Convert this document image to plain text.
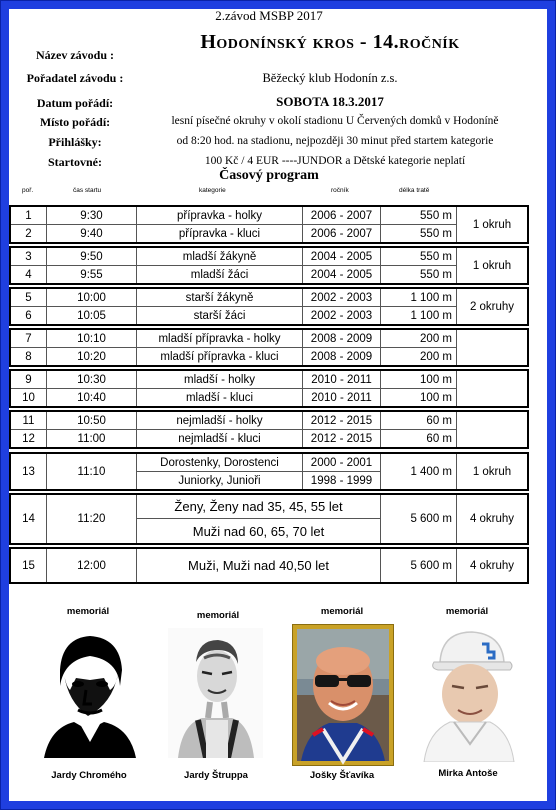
2.závod MSBP 2017
Název závodu :
Hodonínský kros - 14.ročník
Pořadatel závodu :	Běžecký klub Hodonín z.s.
Datum pořádí:	SOBOTA 18.3.2017
Místo pořádí:	lesní písečné okruhy v okolí stadionu U Červených domků v Hodoníně
Přihlášky:	od 8:20 hod. na stadionu, nejpozději 30 minut před startem kategorie
Startovné:	100 Kč / 4 EUR ----JUNDOR a Dětské kategorie neplatí
Časový program
poř.	čas startu	kategorie	ročník	délka tratě
1	9:30	přípravka - holky	2006 - 2007	550 m
2	9:40	přípravka - kluci	2006 - 2007	550 m
1 okruh
3	9:50	mladší žákyně	2004 - 2005	550 m
4	9:55	mladší žáci	2004 - 2005	550 m
1 okruh
5	10:00	starší žákyně	2002 - 2003	1 100 m
6	10:05	starší žáci	2002 - 2003	1 100 m
2 okruhy
7	10:10	mladší přípravka - holky	2008 - 2009	200 m
8	10:20	mladší přípravka - kluci	2008 - 2009	200 m
9	10:30	mladší - holky	2010 - 2011	100 m
10	10:40	mladší - kluci	2010 - 2011	100 m
11	10:50	nejmladší - holky	2012 - 2015	60 m
12	11:00	nejmladší - kluci	2012 - 2015	60 m
13	11:10
Dorostenky, Dorostenci	2000 - 2001
Juniorky, Junioři	1998 - 1999
1 400 m	1 okruh
14	11:20
Ženy, Ženy nad 35, 45, 55 let
Muži nad 60, 65, 70 let
5 600 m	4 okruhy
15	12:00	Muži, Muži nad 40,50 let	5 600 m	4 okruhy
memoriál	memoriál	memoriál	memoriál
Jardy Chromého	Jardy Štruppa	Jošky Šťavíka	Mirka Antoše
